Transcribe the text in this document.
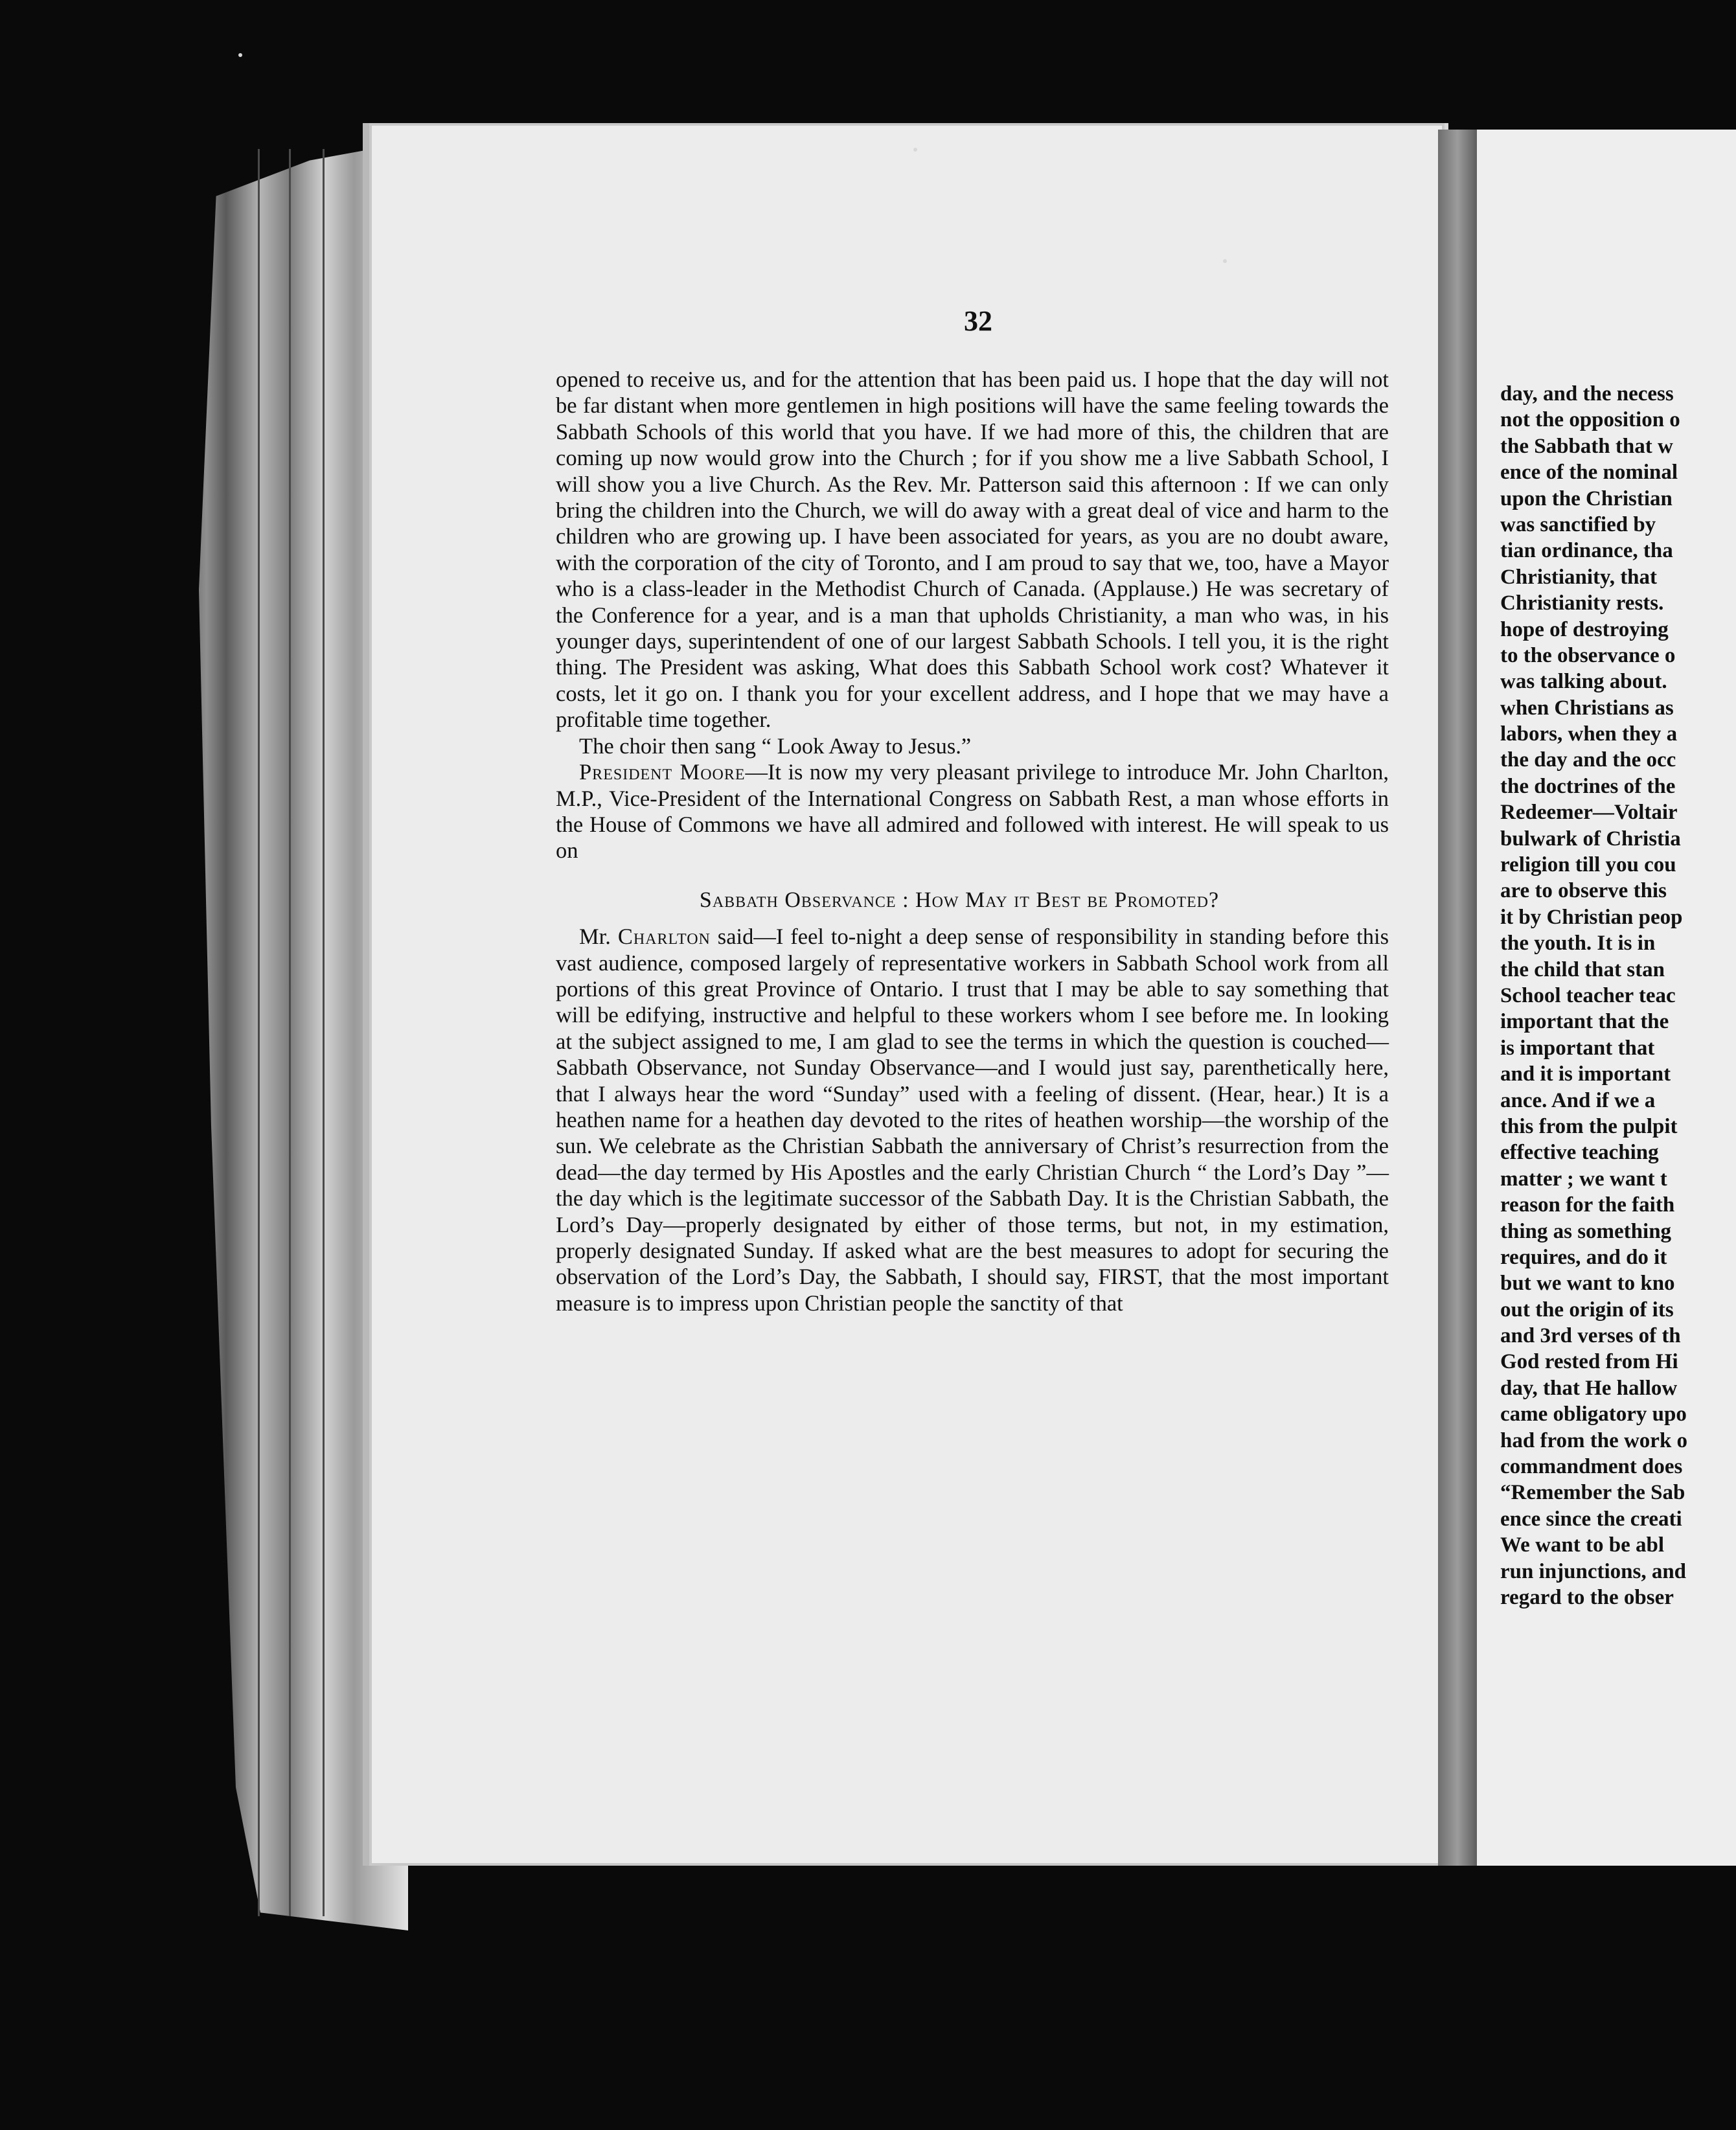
32

opened to receive us, and for the attention that has been paid us. I hope that the day will not be far distant when more gentlemen in high positions will have the same feeling towards the Sabbath Schools of this world that you have. If we had more of this, the children that are coming up now would grow into the Church ; for if you show me a live Sabbath School, I will show you a live Church. As the Rev. Mr. Patterson said this afternoon : If we can only bring the children into the Church, we will do away with a great deal of vice and harm to the children who are growing up. I have been associated for years, as you are no doubt aware, with the corporation of the city of Toronto, and I am proud to say that we, too, have a Mayor who is a class-leader in the Methodist Church of Canada. (Applause.) He was secretary of the Conference for a year, and is a man that upholds Christianity, a man who was, in his younger days, superintendent of one of our largest Sabbath Schools. I tell you, it is the right thing. The President was asking, What does this Sabbath School work cost? Whatever it costs, let it go on. I thank you for your excellent address, and I hope that we may have a profitable time together.

The choir then sang “ Look Away to Jesus.”

President Moore—It is now my very pleasant privilege to introduce Mr. John Charlton, M.P., Vice-President of the International Congress on Sabbath Rest, a man whose efforts in the House of Commons we have all admired and followed with interest. He will speak to us on

Sabbath Observance : How May it Best be Promoted?

Mr. Charlton said—I feel to-night a deep sense of responsibility in standing before this vast audience, composed largely of representative workers in Sabbath School work from all portions of this great Province of Ontario. I trust that I may be able to say something that will be edifying, instructive and helpful to these workers whom I see before me. In looking at the subject assigned to me, I am glad to see the terms in which the question is couched—Sabbath Observance, not Sunday Observance—and I would just say, parenthetically here, that I always hear the word “Sunday” used with a feeling of dissent. (Hear, hear.) It is a heathen name for a heathen day devoted to the rites of heathen worship—the worship of the sun. We celebrate as the Christian Sabbath the anniversary of Christ’s resurrection from the dead—the day termed by His Apostles and the early Christian Church “ the Lord’s Day ”—the day which is the legitimate successor of the Sabbath Day. It is the Christian Sabbath, the Lord’s Day—properly designated by either of those terms, but not, in my estimation, properly designated Sunday. If asked what are the best measures to adopt for securing the observation of the Lord’s Day, the Sabbath, I should say, FIRST, that the most important measure is to impress upon Christian people the sanctity of that

day, and the necess
not the opposition o
the Sabbath that w
ence of the nominal
upon the Christian
was sanctified by
tian ordinance, tha
Christianity, that
Christianity rests.
hope of destroying
to the observance o
was talking about.
when Christians as
labors, when they a
the day and the occ
the doctrines of the
Redeemer—Voltair
bulwark of Christia
religion till you cou
are to observe this
it by Christian peop
the youth. It is in
the child that stan
School teacher teac
important that the
is important that
and it is important
ance. And if we a
this from the pulpit
effective teaching
matter ; we want t
reason for the faith
thing as something
requires, and do it
but we want to kno
out the origin of its
and 3rd verses of th
God rested from Hi
day, that He hallow
came obligatory upo
had from the work o
commandment does
“Remember the Sab
ence since the creati
We want to be abl
run injunctions, and
regard to the obser
